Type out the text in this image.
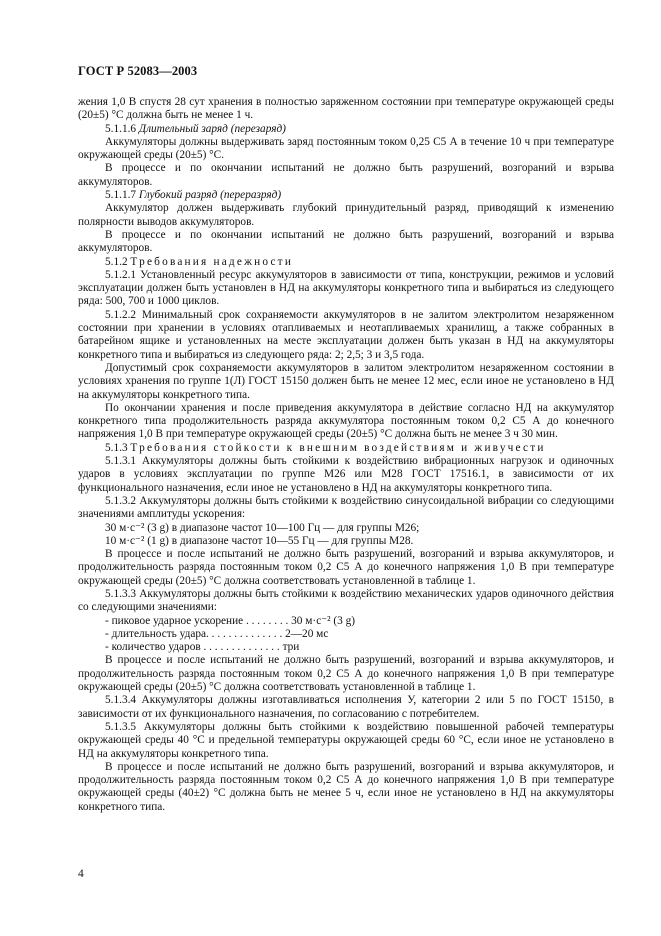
ГОСТ Р 52083—2003

жения 1,0 В спустя 28 сут хранения в полностью заряженном состоянии при температуре окружающей среды (20±5) °С должна быть не менее 1 ч.

5.1.1.6 Длительный заряд (перезаряд)

Аккумуляторы должны выдерживать заряд постоянным током 0,25 C5 А в течение 10 ч при температуре окружающей среды (20±5) °С.

В процессе и по окончании испытаний не должно быть разрушений, возгораний и взрыва аккумуляторов.

5.1.1.7 Глубокий разряд (переразряд)

Аккумулятор должен выдерживать глубокий принудительный разряд, приводящий к изменению полярности выводов аккумуляторов.

В процессе и по окончании испытаний не должно быть разрушений, возгораний и взрыва аккумуляторов.

5.1.2 Требования надежности

5.1.2.1 Установленный ресурс аккумуляторов в зависимости от типа, конструкции, режимов и условий эксплуатации должен быть установлен в НД на аккумуляторы конкретного типа и выбираться из следующего ряда: 500, 700 и 1000 циклов.

5.1.2.2 Минимальный срок сохраняемости аккумуляторов в не залитом электролитом незаряженном состоянии при хранении в условиях отапливаемых и неотапливаемых хранилищ, а также собранных в батарейном ящике и установленных на месте эксплуатации должен быть указан в НД на аккумуляторы конкретного типа и выбираться из следующего ряда: 2; 2,5; 3 и 3,5 года.

Допустимый срок сохраняемости аккумуляторов в залитом электролитом незаряженном состоянии в условиях хранения по группе 1(Л) ГОСТ 15150 должен быть не менее 12 мес, если иное не установлено в НД на аккумуляторы конкретного типа.

По окончании хранения и после приведения аккумулятора в действие согласно НД на аккумулятор конкретного типа продолжительность разряда аккумулятора постоянным током 0,2 C5 А до конечного напряжения 1,0 В при температуре окружающей среды (20±5) °С должна быть не менее 3 ч 30 мин.

5.1.3 Требования стойкости к внешним воздействиям и живучести

5.1.3.1 Аккумуляторы должны быть стойкими к воздействию вибрационных нагрузок и одиночных ударов в условиях эксплуатации по группе М26 или М28 ГОСТ 17516.1, в зависимости от их функционального назначения, если иное не установлено в НД на аккумуляторы конкретного типа.

5.1.3.2 Аккумуляторы должны быть стойкими к воздействию синусоидальной вибрации со следующими значениями амплитуды ускорения:

30 м·с⁻² (3 g) в диапазоне частот 10—100 Гц — для группы М26;

10 м·с⁻² (1 g) в диапазоне частот 10—55 Гц — для группы М28.

В процессе и после испытаний не должно быть разрушений, возгораний и взрыва аккумуляторов, и продолжительность разряда постоянным током 0,2 C5 А до конечного напряжения 1,0 В при температуре окружающей среды (20±5) °С должна соответствовать установленной в таблице 1.

5.1.3.3 Аккумуляторы должны быть стойкими к воздействию механических ударов одиночного действия со следующими значениями:

- пиковое ударное ускорение . . . . . . . . 30 м·с⁻² (3 g)
- длительность удара. . . . . . . . . . . . . . 2—20 мс
- количество ударов . . . . . . . . . . . . . . три

В процессе и после испытаний не должно быть разрушений, возгораний и взрыва аккумуляторов, и продолжительность разряда постоянным током 0,2 C5 А до конечного напряжения 1,0 В при температуре окружающей среды (20±5) °С должна соответствовать установленной в таблице 1.

5.1.3.4 Аккумуляторы должны изготавливаться исполнения У, категории 2 или 5 по ГОСТ 15150, в зависимости от их функционального назначения, по согласованию с потребителем.

5.1.3.5 Аккумуляторы должны быть стойкими к воздействию повышенной рабочей температуры окружающей среды 40 °С и предельной температуры окружающей среды 60 °С, если иное не установлено в НД на аккумуляторы конкретного типа.

В процессе и после испытаний не должно быть разрушений, возгораний и взрыва аккумуляторов, и продолжительность разряда постоянным током 0,2 C5 А до конечного напряжения 1,0 В при температуре окружающей среды (40±2) °С должна быть не менее 5 ч, если иное не установлено в НД на аккумуляторы конкретного типа.

4
